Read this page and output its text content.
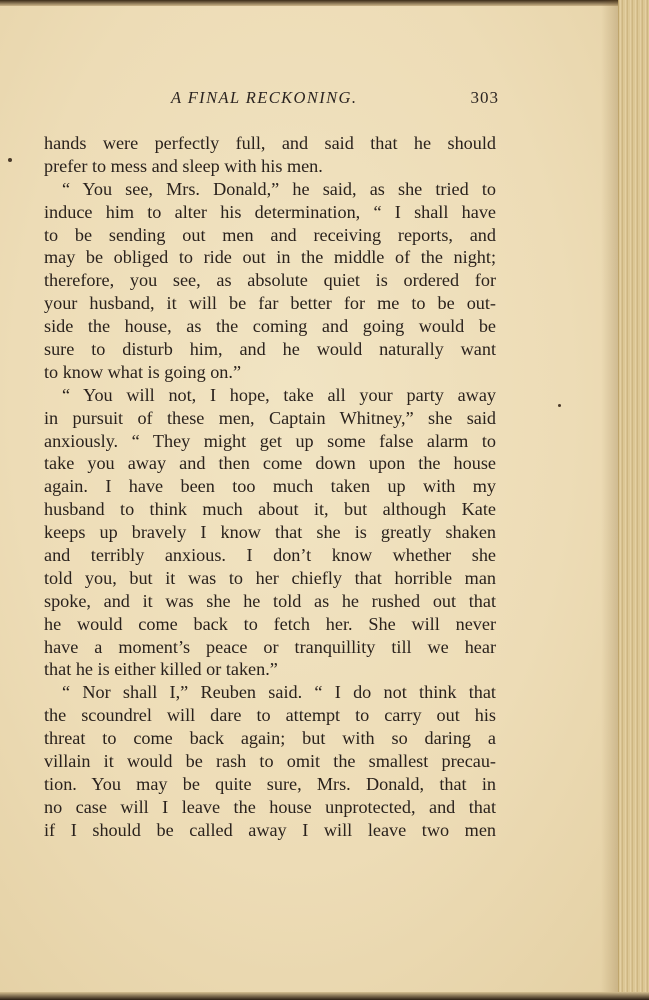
A FINAL RECKONING.	303
hands were perfectly full, and said that he should
prefer to mess and sleep with his men.
“ You see, Mrs. Donald,” he said, as she tried to
induce him to alter his determination, “ I shall have
to be sending out men and receiving reports, and
may be obliged to ride out in the middle of the night;
therefore, you see, as absolute quiet is ordered for
your husband, it will be far better for me to be out-
side the house, as the coming and going would be
sure to disturb him, and he would naturally want
to know what is going on.”
“ You will not, I hope, take all your party away
in pursuit of these men, Captain Whitney,” she said
anxiously. “ They might get up some false alarm to
take you away and then come down upon the house
again. I have been too much taken up with my
husband to think much about it, but although Kate
keeps up bravely I know that she is greatly shaken
and terribly anxious. I don’t know whether she
told you, but it was to her chiefly that horrible man
spoke, and it was she he told as he rushed out that
he would come back to fetch her. She will never
have a moment’s peace or tranquillity till we hear
that he is either killed or taken.”
“ Nor shall I,” Reuben said. “ I do not think that
the scoundrel will dare to attempt to carry out his
threat to come back again; but with so daring a
villain it would be rash to omit the smallest precau-
tion. You may be quite sure, Mrs. Donald, that in
no case will I leave the house unprotected, and that
if I should be called away I will leave two men
